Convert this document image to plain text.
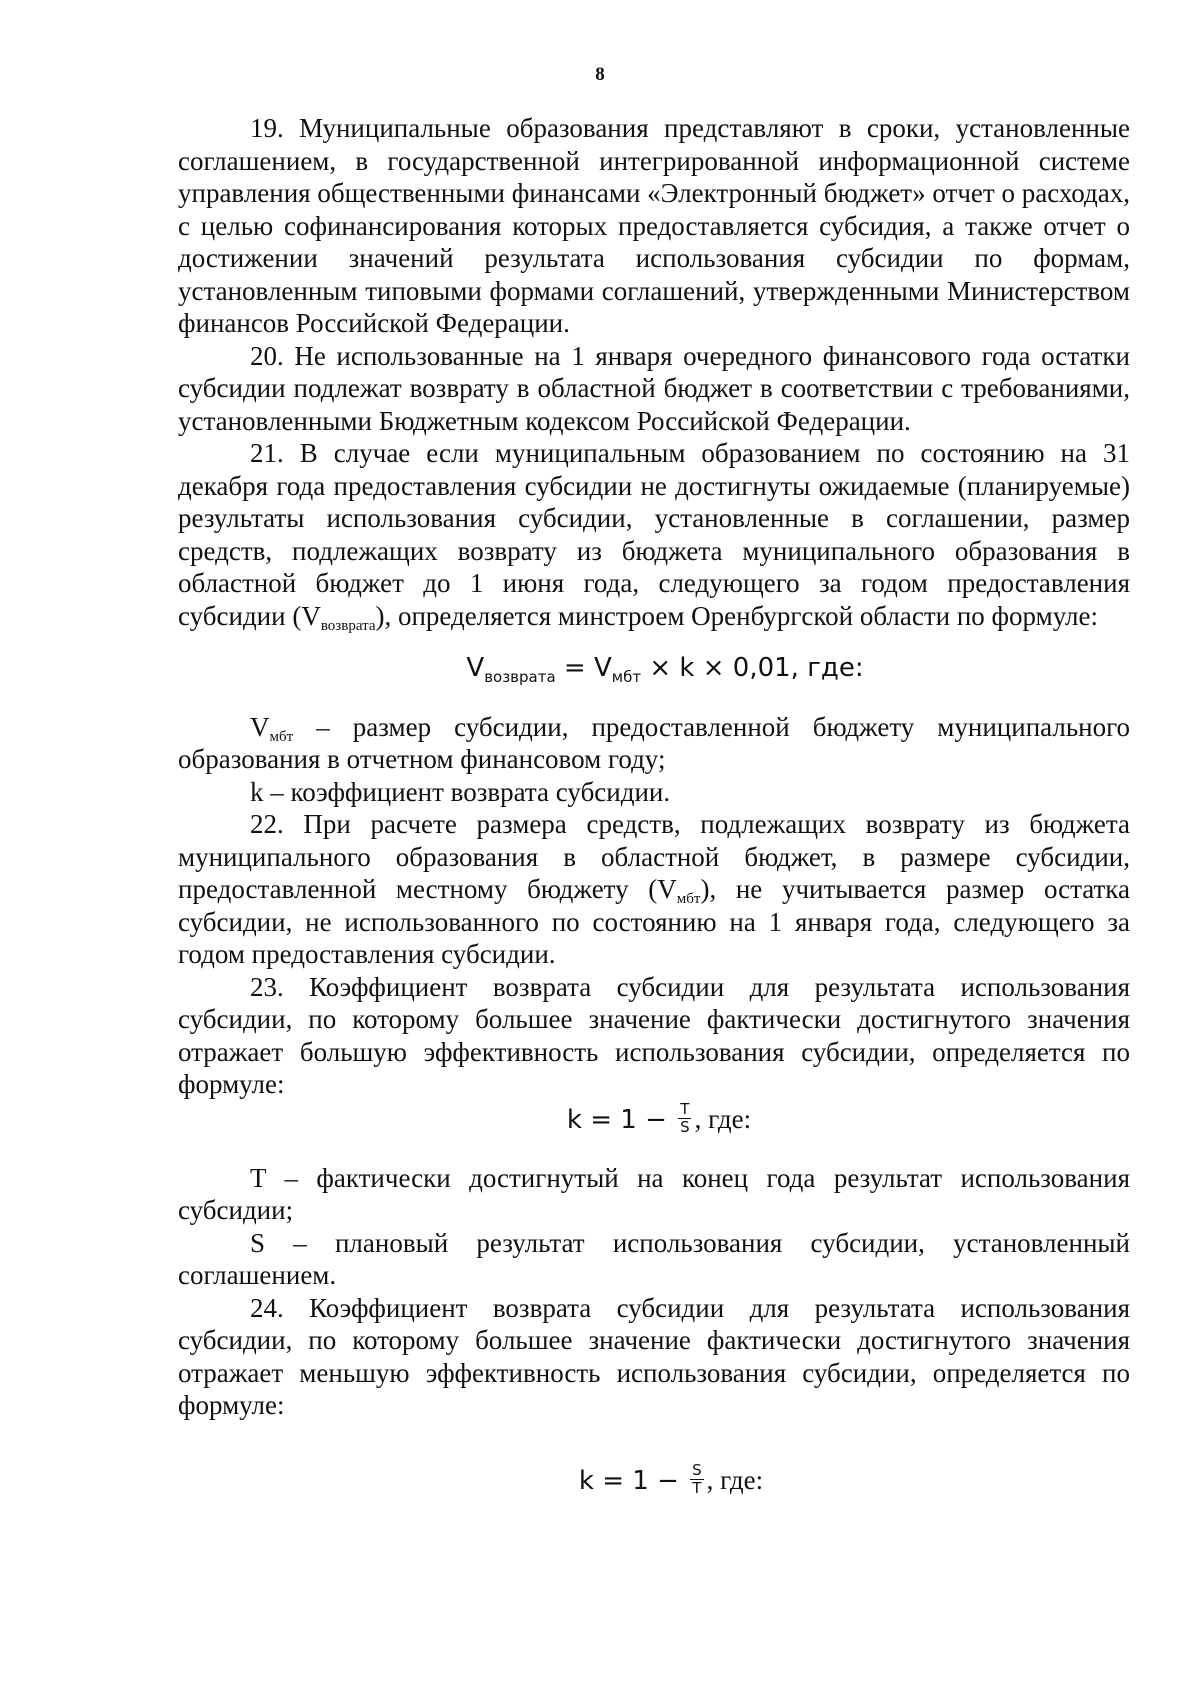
8

19. Муниципальные образования представляют в сроки, установленные соглашением, в государственной интегрированной информационной системе управления общественными финансами «Электронный бюджет» отчет о расходах, с целью софинансирования которых предоставляется субсидия, а также отчет о достижении значений результата использования субсидии по формам, установленным типовыми формами соглашений, утвержденными Министерством финансов Российской Федерации.

20. Не использованные на 1 января очередного финансового года остатки субсидии подлежат возврату в областной бюджет в соответствии с требованиями, установленными Бюджетным кодексом Российской Федерации.

21. В случае если муниципальным образованием по состоянию на 31 декабря года предоставления субсидии не достигнуты ожидаемые (планируемые) результаты использования субсидии, установленные в соглашении, размер средств, подлежащих возврату из бюджета муниципального образования в областной бюджет до 1 июня года, следующего за годом предоставления субсидии $(V_{возврата})$, определяется минстроем Оренбургской области по формуле:

$V_{возврата} = V_{мбт} \times k \times 0,01$, где:

$V_{мбт}$ – размер субсидии, предоставленной бюджету муниципального образования в отчетном финансовом году;

k – коэффициент возврата субсидии.

22. При расчете размера средств, подлежащих возврату из бюджета муниципального образования в областной бюджет, в размере субсидии, предоставленной местному бюджету $(V_{мбт})$, не учитывается размер остатка субсидии, не использованного по состоянию на 1 января года, следующего за годом предоставления субсидии.

23. Коэффициент возврата субсидии для результата использования субсидии, по которому большее значение фактически достигнутого значения отражает большую эффективность использования субсидии, определяется по формуле:

$k = 1 - \frac{T}{S}$ , где:

T – фактически достигнутый на конец года результат использования субсидии;

S – плановый результат использования субсидии, установленный соглашением.

24. Коэффициент возврата субсидии для результата использования субсидии, по которому большее значение фактически достигнутого значения отражает меньшую эффективность использования субсидии, определяется по формуле:

$k = 1 - \frac{S}{T}$ , где:
